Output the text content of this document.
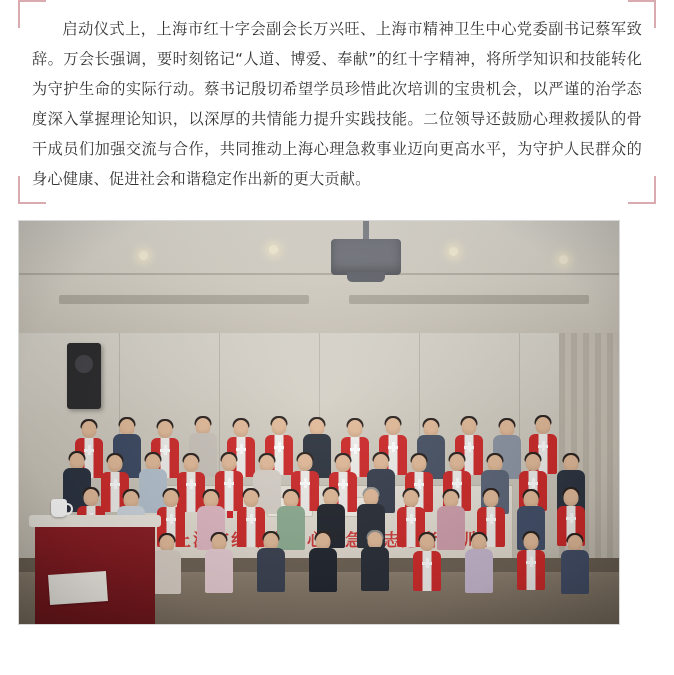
启动仪式上，上海市红十字会副会长万兴旺、上海市精神卫生中心党委副书记蔡军致辞。万会长强调，要时刻铭记“人道、博爱、奉献”的红十字精神，将所学知识和技能转化为守护生命的实际行动。蔡书记殷切希望学员珍惜此次培训的宝贵机会，以严谨的治学态度深入掌握理论知识，以深厚的共情能力提升实践技能。二位领导还鼓励心理救援队的骨干成员们加强交流与合作，共同推动上海心理急救事业迈向更高水平，为守护人民群众的身心健康、促进社会和谐稳定作出新的更大贡献。
